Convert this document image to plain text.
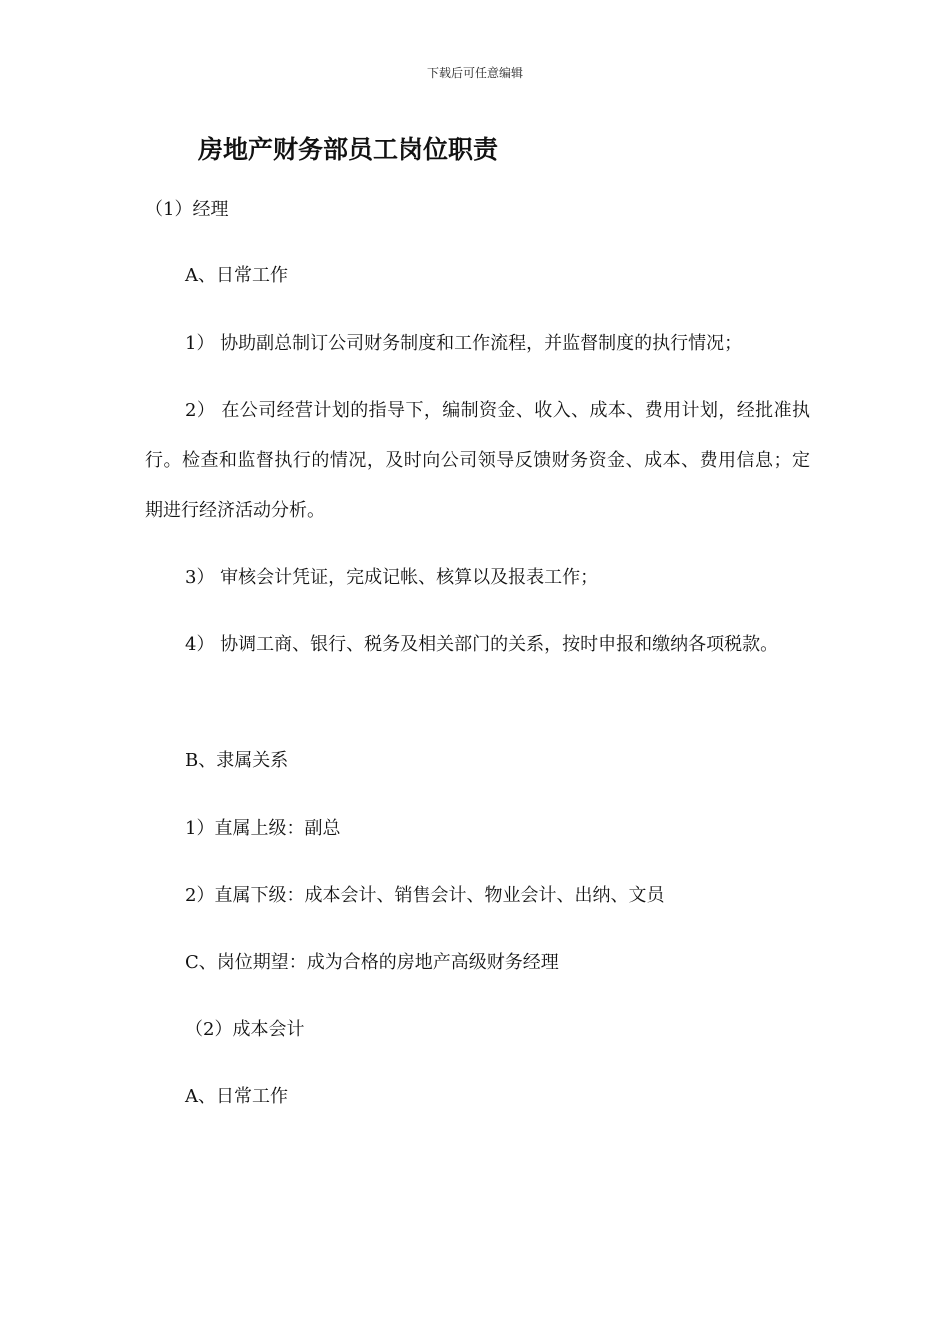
下载后可任意编辑
房地产财务部员工岗位职责
（1）经理
A、日常工作
1） 协助副总制订公司财务制度和工作流程，并监督制度的执行情况；
2） 在公司经营计划的指导下，编制资金、收入、成本、费用计划，经批准执行。检查和监督执行的情况，及时向公司领导反馈财务资金、成本、费用信息；定期进行经济活动分析。
3） 审核会计凭证，完成记帐、核算以及报表工作；
4） 协调工商、银行、税务及相关部门的关系，按时申报和缴纳各项税款。
B、隶属关系
1）直属上级：副总
2）直属下级：成本会计、销售会计、物业会计、出纳、文员
C、岗位期望：成为合格的房地产高级财务经理
（2）成本会计
A、日常工作
